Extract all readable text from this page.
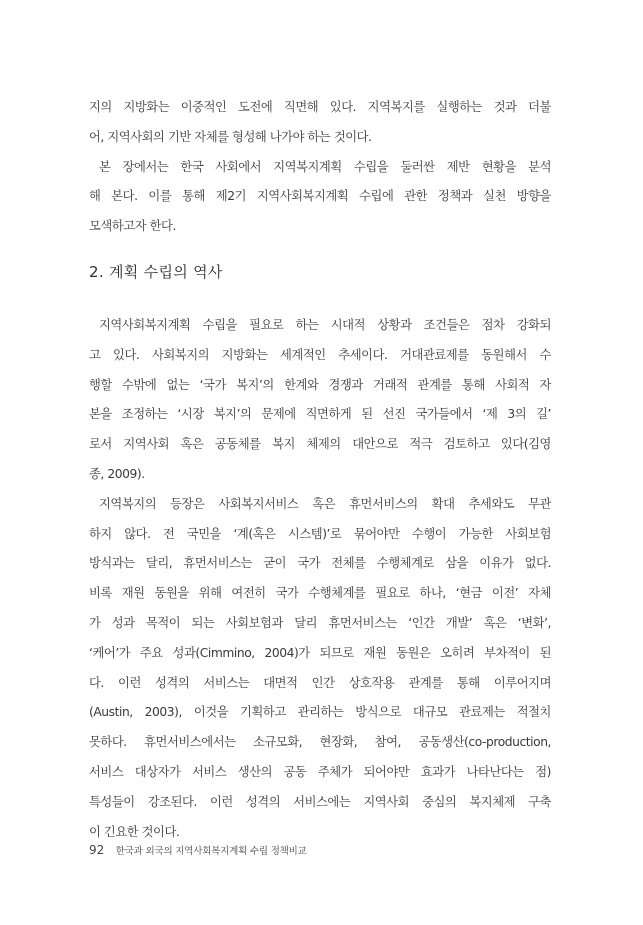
지의 지방화는 이중적인 도전에 직면해 있다. 지역복지를 실행하는 것과 더불
어, 지역사회의 기반 자체를 형성해 나가야 하는 것이다.
본 장에서는 한국 사회에서 지역복지계획 수립을 둘러싼 제반 현황을 분석
해 본다. 이를 통해 제2기 지역사회복지계획 수립에 관한 정책과 실천 방향을
모색하고자 한다.
2. 계획 수립의 역사
지역사회복지계획 수립을 필요로 하는 시대적 상황과 조건들은 점차 강화되
고 있다. 사회복지의 지방화는 세계적인 추세이다. 거대관료제를 동원해서 수
행할 수밖에 없는 ‘국가 복지’의 한계와 경쟁과 거래적 관계를 통해 사회적 자
본을 조정하는 ‘시장 복지’의 문제에 직면하게 된 선진 국가들에서 ‘제 3의 길’
로서 지역사회 혹은 공동체를 복지 체제의 대안으로 적극 검토하고 있다(김영
종, 2009).
지역복지의 등장은 사회복지서비스 혹은 휴먼서비스의 확대 추세와도 무관
하지 않다. 전 국민을 ‘계(혹은 시스템)’로 묶어야만 수행이 가능한 사회보험
방식과는 달리, 휴먼서비스는 굳이 국가 전체를 수행체계로 삼을 이유가 없다.
비록 재원 동원을 위해 여전히 국가 수행체계를 필요로 하나, ‘현금 이전’ 자체
가 성과 목적이 되는 사회보험과 달리 휴먼서비스는 ‘인간 개발’ 혹은 ‘변화’,
‘케어’가 주요 성과(Cimmino, 2004)가 되므로 재원 동원은 오히려 부차적이 된
다. 이런 성격의 서비스는 대면적 인간 상호작용 관계를 통해 이루어지며
(Austin, 2003), 이것을 기획하고 관리하는 방식으로 대규모 관료제는 적절치
못하다. 휴먼서비스에서는 소규모화, 현장화, 참여, 공동생산(co-production,
서비스 대상자가 서비스 생산의 공동 주체가 되어야만 효과가 나타난다는 점)
특성들이 강조된다. 이런 성격의 서비스에는 지역사회 중심의 복지체제 구축
이 긴요한 것이다.
92 한국과 외국의 지역사회복지계획 수립 정책비교
